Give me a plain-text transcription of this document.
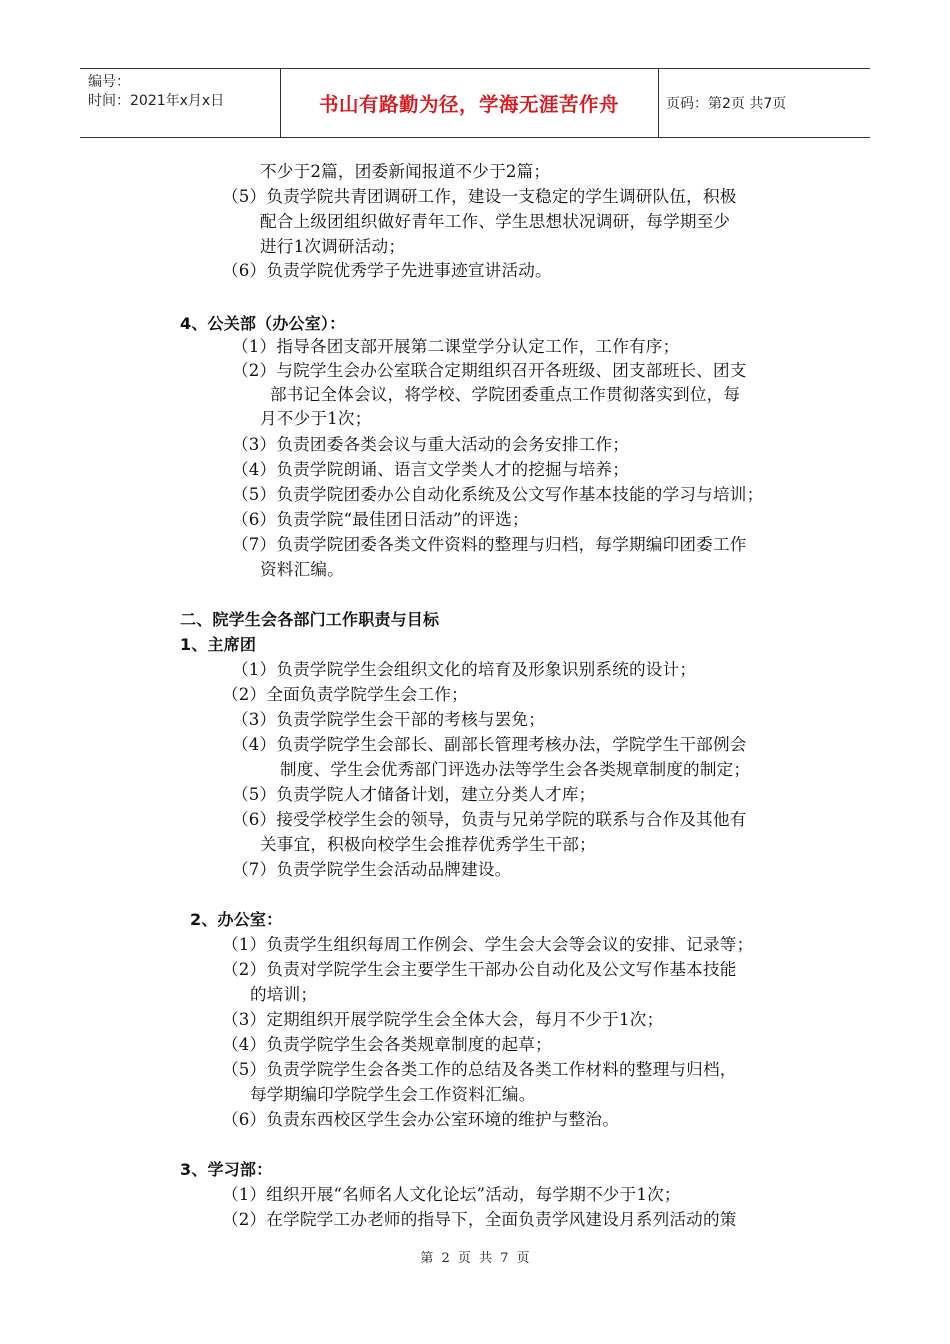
编号：
时间：2021年x月x日	书山有路勤为径，学海无涯苦作舟	页码：第2页 共7页
不少于2篇，团委新闻报道不少于2篇；
（5）负责学院共青团调研工作，建设一支稳定的学生调研队伍，积极
配合上级团组织做好青年工作、学生思想状况调研，每学期至少
进行1次调研活动；
（6）负责学院优秀学子先进事迹宣讲活动。
4、公关部（办公室）：
（1）指导各团支部开展第二课堂学分认定工作，工作有序；
（2）与院学生会办公室联合定期组织召开各班级、团支部班长、团支
部书记全体会议，将学校、学院团委重点工作贯彻落实到位，每
月不少于1次；
（3）负责团委各类会议与重大活动的会务安排工作；
（4）负责学院朗诵、语言文学类人才的挖掘与培养；
（5）负责学院团委办公自动化系统及公文写作基本技能的学习与培训；
（6）负责学院“最佳团日活动”的评选；
（7）负责学院团委各类文件资料的整理与归档，每学期编印团委工作
资料汇编。
二、院学生会各部门工作职责与目标
1、主席团
（1）负责学院学生会组织文化的培育及形象识别系统的设计；
（2）全面负责学院学生会工作；
（3）负责学院学生会干部的考核与罢免；
（4）负责学院学生会部长、副部长管理考核办法，学院学生干部例会
制度、学生会优秀部门评选办法等学生会各类规章制度的制定；
（5）负责学院人才储备计划，建立分类人才库；
（6）接受学校学生会的领导，负责与兄弟学院的联系与合作及其他有
关事宜，积极向校学生会推荐优秀学生干部；
（7）负责学院学生会活动品牌建设。
2、办公室：
（1）负责学生组织每周工作例会、学生会大会等会议的安排、记录等；
（2）负责对学院学生会主要学生干部办公自动化及公文写作基本技能
的培训；
（3）定期组织开展学院学生会全体大会，每月不少于1次；
（4）负责学院学生会各类规章制度的起草；
（5）负责学院学生会各类工作的总结及各类工作材料的整理与归档，
每学期编印学院学生会工作资料汇编。
（6）负责东西校区学生会办公室环境的维护与整治。
3、学习部：
（1）组织开展“名师名人文化论坛”活动，每学期不少于1次；
（2）在学院学工办老师的指导下，全面负责学风建设月系列活动的策
第 2 页 共 7 页
